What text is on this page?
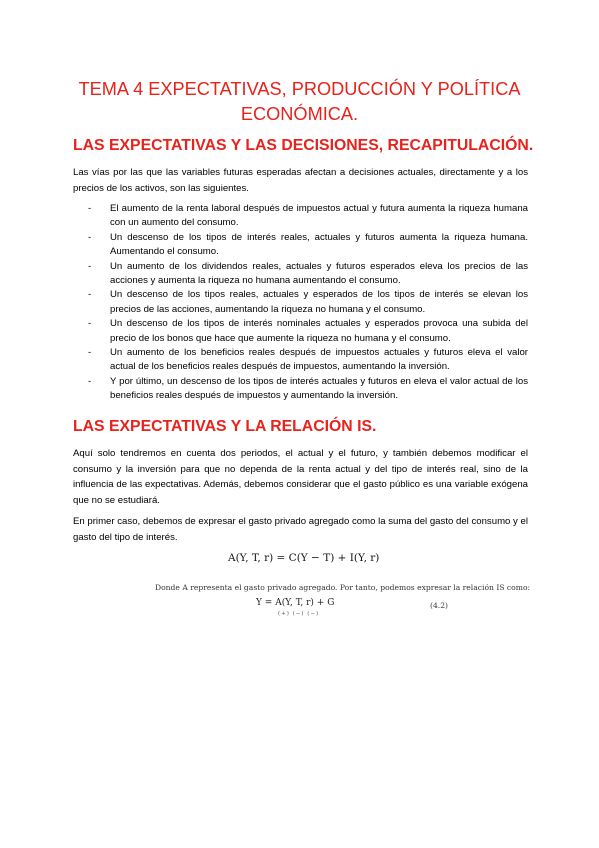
TEMA 4 EXPECTATIVAS, PRODUCCIÓN Y POLÍTICA ECONÓMICA.
LAS EXPECTATIVAS Y LAS DECISIONES, RECAPITULACIÓN.
Las vías por las que las variables futuras esperadas afectan a decisiones actuales, directamente y a los precios de los activos, son las siguientes.
- El aumento de la renta laboral después de impuestos actual y futura aumenta la riqueza humana con un aumento del consumo.
- Un descenso de los tipos de interés reales, actuales y futuros aumenta la riqueza humana. Aumentando el consumo.
- Un aumento de los dividendos reales, actuales y futuros esperados eleva los precios de las acciones y aumenta la riqueza no humana aumentando el consumo.
- Un descenso de los tipos reales, actuales y esperados de los tipos de interés se elevan los precios de las acciones, aumentando la riqueza no humana y el consumo.
- Un descenso de los tipos de interés nominales actuales y esperados provoca una subida del precio de los bonos que hace que aumente la riqueza no humana y el consumo.
- Un aumento de los beneficios reales después de impuestos actuales y futuros eleva el valor actual de los beneficios reales después de impuestos, aumentando la inversión.
- Y por último, un descenso de los tipos de interés actuales y futuros en eleva el valor actual de los beneficios reales después de impuestos y aumentando la inversión.
LAS EXPECTATIVAS Y LA RELACIÓN IS.
Aquí solo tendremos en cuenta dos periodos, el actual y el futuro, y también debemos modificar el consumo y la inversión para que no dependa de la renta actual y del tipo de interés real, sino de la influencia de las expectativas. Además, debemos considerar que el gasto público es una variable exógena que no se estudiará.
En primer caso, debemos de expresar el gasto privado agregado como la suma del gasto del consumo y el gasto del tipo de interés.
A(Y, T, r) = C(Y − T) + I(Y, r)
Donde A representa el gasto privado agregado. Por tanto, podemos expresar la relación IS como:
Y = A(Y, T, r) + G
(+) (−) (−)
(4.2)
